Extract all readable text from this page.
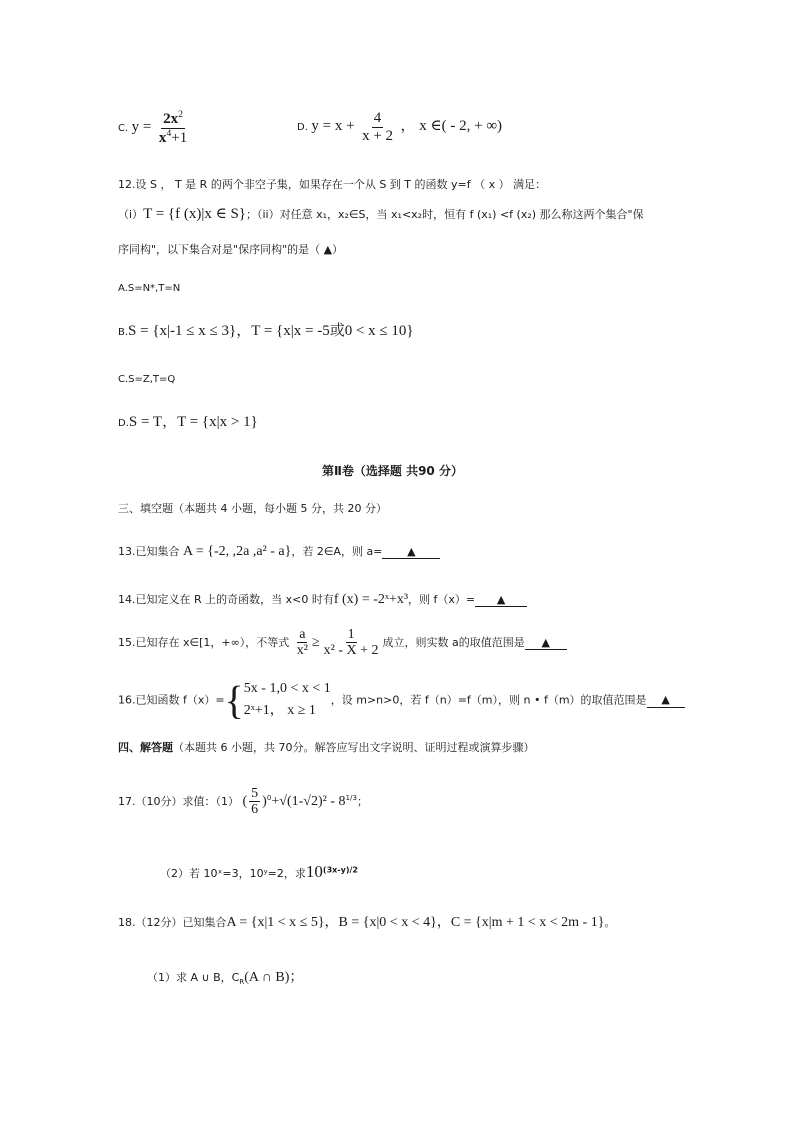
C. $y = \frac{2x^2}{x^4+1}$	D. $y = x + \frac{4}{x + 2}$ ， x ∈( - 2, + ∞)
12.设 S ， T 是 R 的两个非空子集，如果存在一个从 S 到 T 的函数 y=f （ x ） 满足：
（i）T = {f (x)|x ∈ S}；（ii）对任意 x₁，x₂∈S，当 x₁<x₂时，恒有 f (x₁) <f (x₂) 那么称这两个集合"保
序同构"，以下集合对是"保序同构"的是（ ▲）
A.S=N*,T=N
B.S = {x|-1 ≤ x ≤ 3}，T = {x|x = -5或0 < x ≤ 10}
C.S=Z,T=Q
D.S = T，T = {x|x > 1}
第Ⅱ卷（选择题 共90 分）
三、填空题（本题共 4 小题，每小题 5 分，共 20 分）
13.已知集合 A = {-2, ,2a ,a² - a}，若 2∈A，则 a= ▲
14.已知定义在 R 上的奇函数，当 x<0 时有f (x) = -2ˣ+x³，则 f（x）= ▲
15.已知存在 x∈[1，+∞），不等式 $\frac{a}{\text{x²}} \ge \frac{1}{\text{x² - X + 2}}$ 成立，则实数 a的取值范围是 ▲
16.已知函数 f（x）={ 5x - 1,0 < x < 1
2ˣ+1， x ≥ 1
，设 m>n>0，若 f（n）=f（m），则 n • f（m）的取值范围是 ▲
四、解答题（本题共 6 小题，共 70分。解答应写出文字说明、证明过程或演算步骤）
17.（10分）求值：（1） ( $\frac{5}{6} )^0+√(1-√2)^2 - 8^{1/3}$；
（2）若 10ˣ=3，10ʸ=2，求$10^{(3x-y)/2}$
18.（12分）已知集合A = {x|1 < x ≤ 5}，B = {x|0 < x < 4}，C = {x|m + 1 < x < 2m - 1}。
（1）求 A ∪ B，$C_R(A$ ∩ B)；
